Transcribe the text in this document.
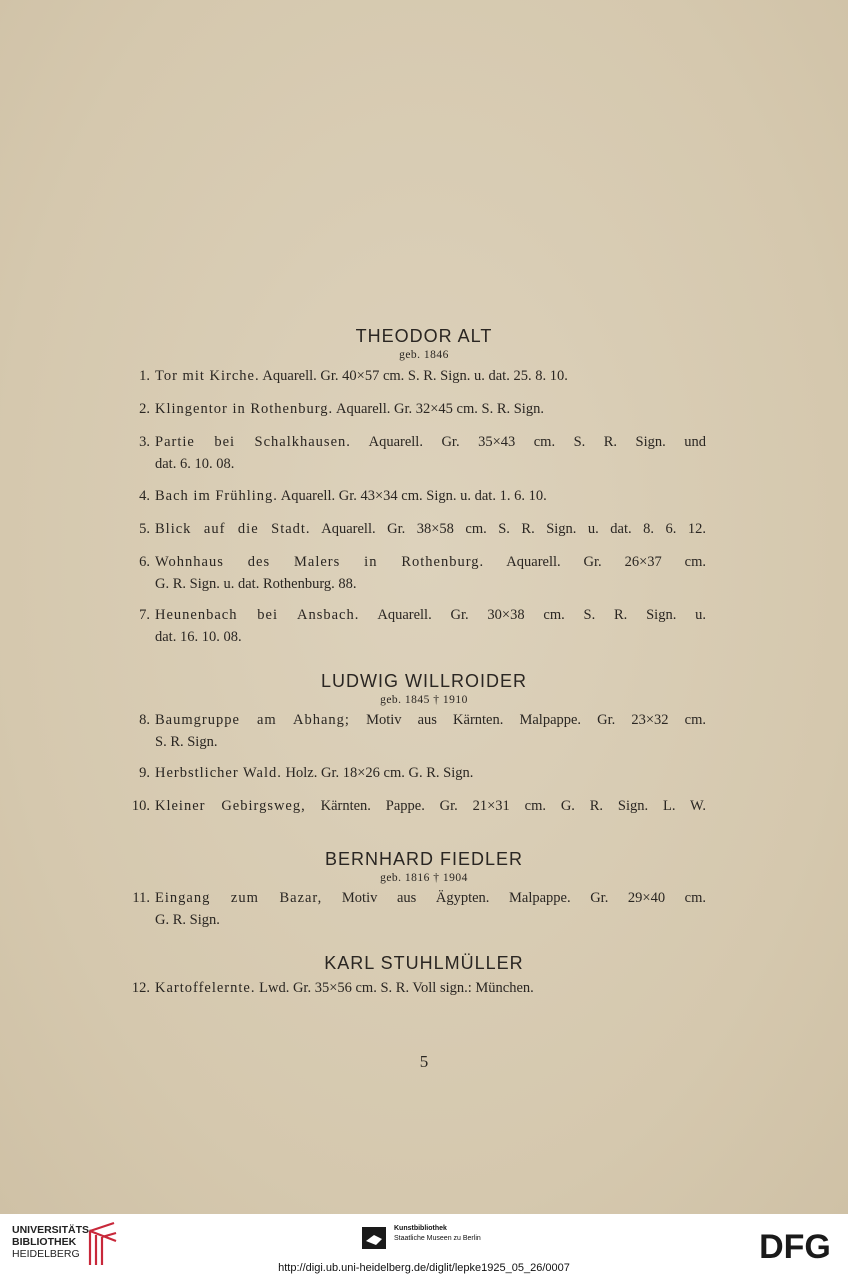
THEODOR ALT
geb. 1846
1. Tor mit Kirche. Aquarell. Gr. 40×57 cm. S. R. Sign. u. dat. 25. 8. 10.
2. Klingentor in Rothenburg. Aquarell. Gr. 32×45 cm. S. R. Sign.
3. Partie bei Schalkhausen. Aquarell. Gr. 35×43 cm. S. R. Sign. und
dat. 6. 10. 08.
4. Bach im Frühling. Aquarell. Gr. 43×34 cm. Sign. u. dat. 1. 6. 10.
5. Blick auf die Stadt. Aquarell. Gr. 38×58 cm. S. R. Sign. u. dat. 8. 6. 12.
6. Wohnhaus des Malers in Rothenburg. Aquarell. Gr. 26×37 cm.
G. R. Sign. u. dat. Rothenburg. 88.
7. Heunenbach bei Ansbach. Aquarell. Gr. 30×38 cm. S. R. Sign. u.
dat. 16. 10. 08.
LUDWIG WILLROIDER
geb. 1845 † 1910
8. Baumgruppe am Abhang; Motiv aus Kärnten. Malpappe. Gr. 23×32 cm.
S. R. Sign.
9. Herbstlicher Wald. Holz. Gr. 18×26 cm. G. R. Sign.
10. Kleiner Gebirgsweg, Kärnten. Pappe. Gr. 21×31 cm. G. R. Sign. L. W.
BERNHARD FIEDLER
geb. 1816 † 1904
11. Eingang zum Bazar, Motiv aus Ägypten. Malpappe. Gr. 29×40 cm.
G. R. Sign.
KARL STUHLMÜLLER
12. Kartoffelernte. Lwd. Gr. 35×56 cm. S. R. Voll sign.: München.
5
UNIVERSITÄTS-
BIBLIOTHEK
HEIDELBERG
Kunstbibliothek
Staatliche Museen zu Berlin	DFG
http://digi.ub.uni-heidelberg.de/diglit/lepke1925_05_26/0007
